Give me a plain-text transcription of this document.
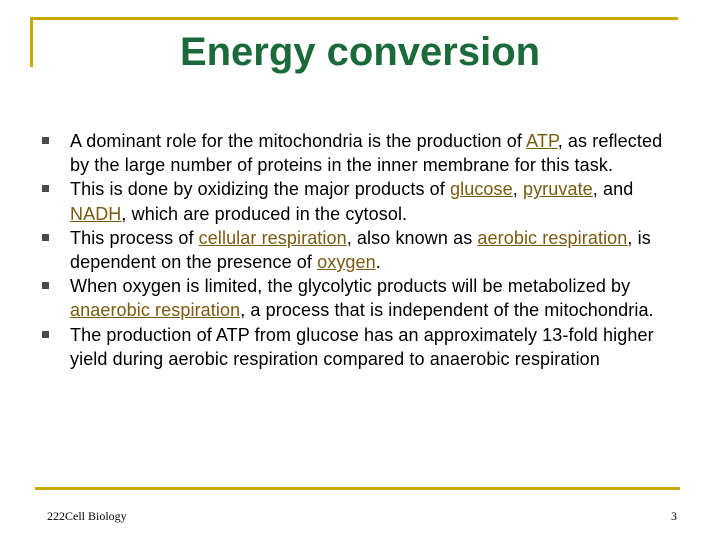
Energy conversion
A dominant role for the mitochondria is the production of ATP, as reflected by the large number of proteins in the inner membrane for this task.
This is done by oxidizing the major products of glucose, pyruvate, and NADH, which are produced in the cytosol.
This process of cellular respiration, also known as aerobic respiration, is dependent on the presence of oxygen.
When oxygen is limited, the glycolytic products will be metabolized by anaerobic respiration, a process that is independent of the mitochondria.
The production of ATP from glucose has an approximately 13-fold higher yield during aerobic respiration compared to anaerobic respiration
222Cell Biology	3
